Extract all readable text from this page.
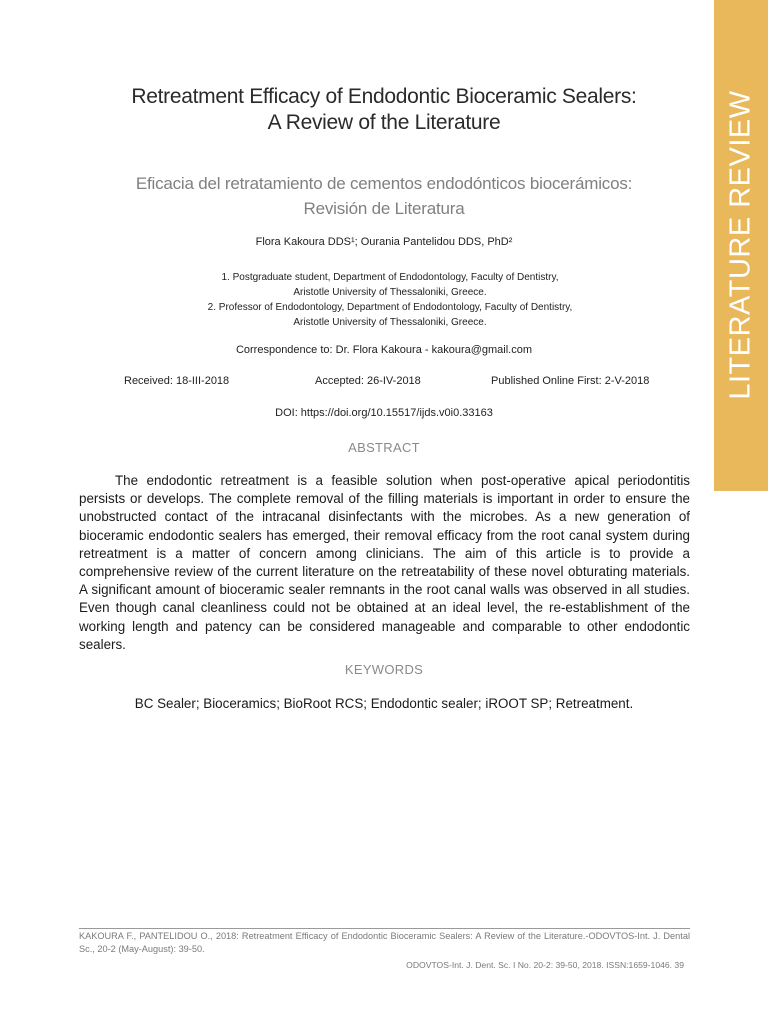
LITERATURE REVIEW
Retreatment Efficacy of Endodontic Bioceramic Sealers:
A Review of the Literature
Eficacia del retratamiento de cementos endodónticos biocerámicos:
Revisión de Literatura
Flora Kakoura DDS¹; Ourania Pantelidou DDS, PhD²
1. Postgraduate student, Department of Endodontology, Faculty of Dentistry,
Aristotle University of Thessaloniki, Greece.
2. Professor of Endodontology, Department of Endodontology, Faculty of Dentistry,
Aristotle University of Thessaloniki, Greece.
Correspondence to: Dr. Flora Kakoura - kakoura@gmail.com
Received: 18-III-2018	Accepted: 26-IV-2018	Published Online First: 2-V-2018
DOI: https://doi.org/10.15517/ijds.v0i0.33163
ABSTRACT
The endodontic retreatment is a feasible solution when post-operative apical periodontitis persists or develops. The complete removal of the filling materials is important in order to ensure the unobstructed contact of the intracanal disinfectants with the microbes. As a new generation of bioceramic endodontic sealers has emerged, their removal efficacy from the root canal system during retreatment is a matter of concern among clinicians. The aim of this article is to provide a comprehensive review of the current literature on the retreatability of these novel obturating materials. A significant amount of bioceramic sealer remnants in the root canal walls was observed in all studies. Even though canal cleanliness could not be obtained at an ideal level, the re-establishment of the working length and patency can be considered manageable and comparable to other endodontic sealers.
KEYWORDS
BC Sealer; Bioceramics; BioRoot RCS; Endodontic sealer; iROOT SP; Retreatment.
KAKOURA F., PANTELIDOU O., 2018: Retreatment Efficacy of Endodontic Bioceramic Sealers: A Review of the Literature.-ODOVTOS-Int. J. Dental Sc., 20-2 (May-August): 39-50.
ODOVTOS-Int. J. Dent. Sc. I No. 20-2: 39-50, 2018. ISSN:1659-1046. 39
